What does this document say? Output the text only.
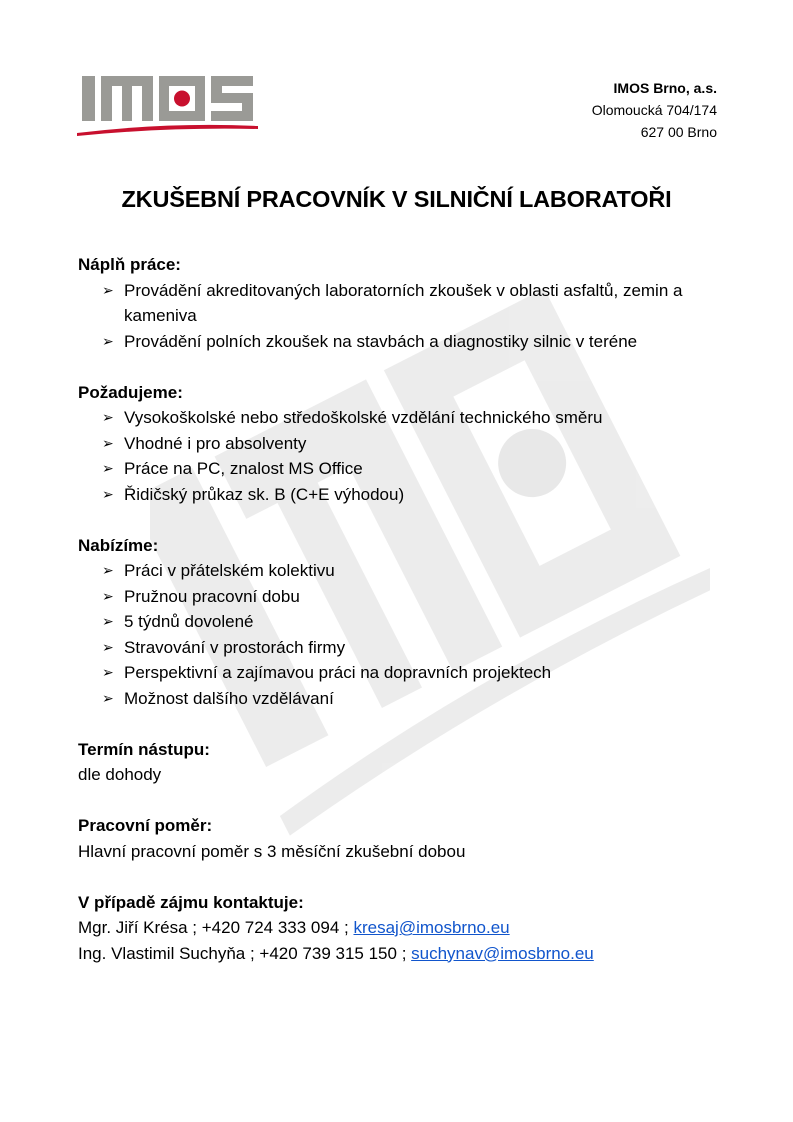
IMOS Brno, a.s.
Olomoucká 704/174
627 00 Brno
ZKUŠEBNÍ PRACOVNÍK V SILNIČNÍ LABORATOŘI
Náplň práce:
➢ Provádění akreditovaných laboratorních zkoušek v oblasti asfaltů, zemin a kameniva
➢ Provádění polních zkoušek na stavbách a diagnostiky silnic v teréne
Požadujeme:
➢ Vysokoškolské nebo středoškolské vzdělání technického směru
➢ Vhodné i pro absolventy
➢ Práce na PC, znalost MS Office
➢ Řidičský průkaz sk. B (C+E výhodou)
Nabízíme:
➢ Práci v přátelském kolektivu
➢ Pružnou pracovní dobu
➢ 5 týdnů dovolené
➢ Stravování v prostorách firmy
➢ Perspektivní a zajímavou práci na dopravních projektech
➢ Možnost dalšího vzdělávaní
Termín nástupu:
dle dohody
Pracovní poměr:
Hlavní pracovní poměr s 3 měsíční zkušební dobou
V případě zájmu kontaktuje:
Mgr. Jiří Krésa ; +420 724 333 094 ; kresaj@imosbrno.eu
Ing. Vlastimil Suchyňa ; +420 739 315 150 ; suchynav@imosbrno.eu
